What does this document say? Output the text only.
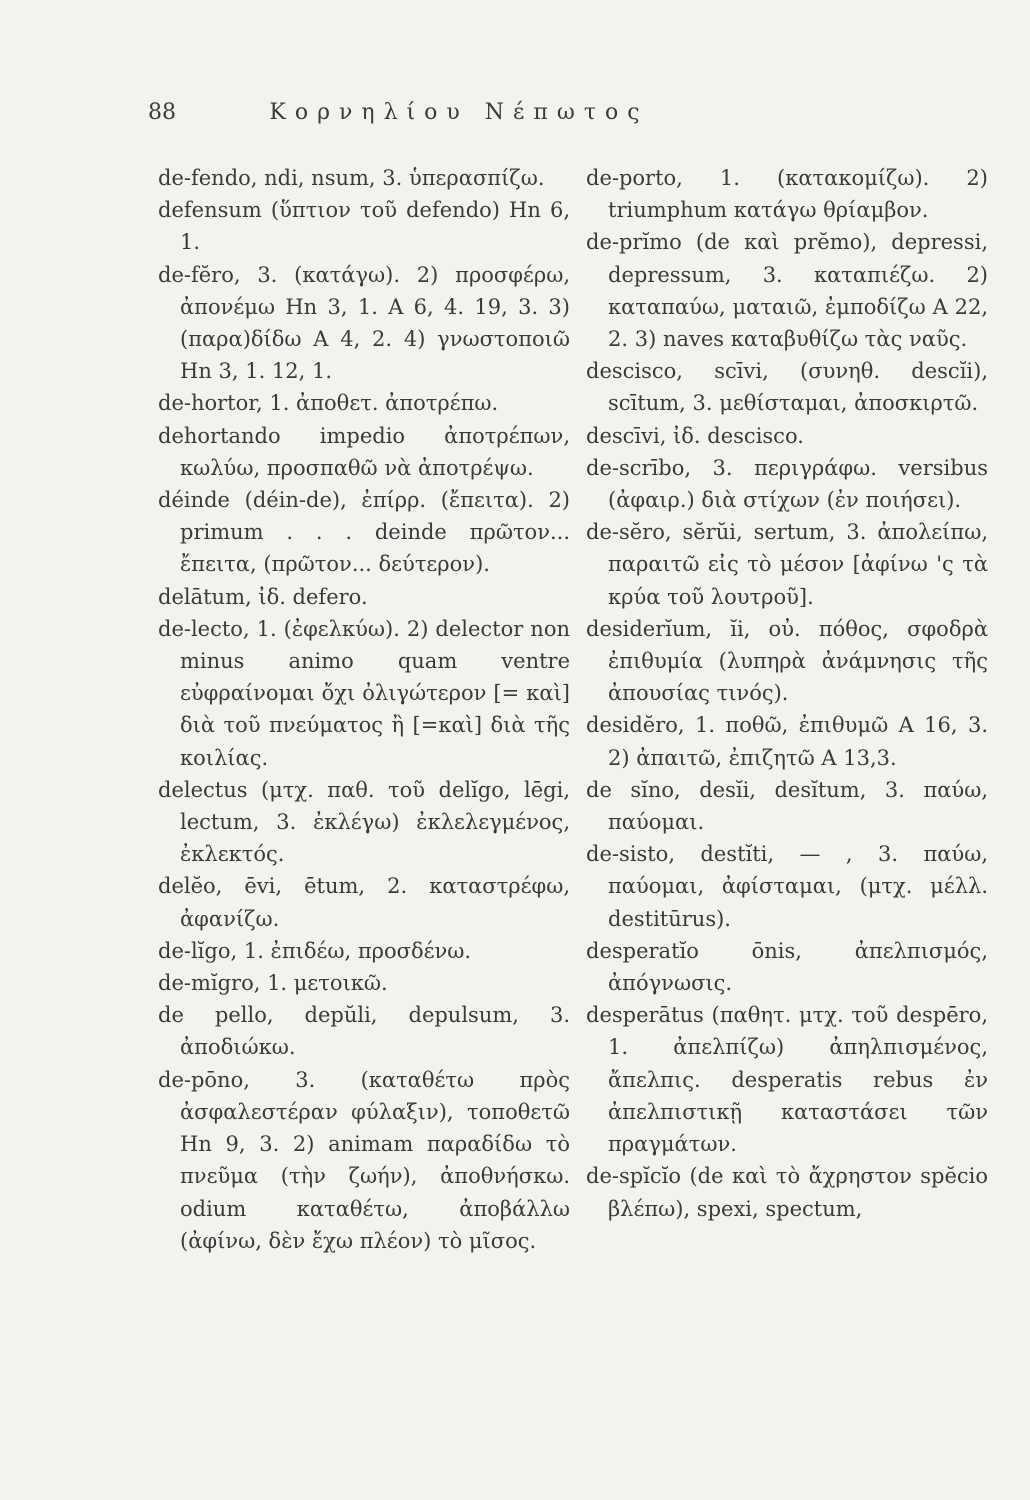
88	Κορνηλίου Νέπωτος

de-fendo, ndi, nsum, 3. ὑπερασπίζω.

defensum (ὕπτιον τοῦ defendo) Hn 6, 1.

de-fĕro, 3. (κατάγω). 2) προσφέρω, ἀπονέμω Hn 3, 1. A 6, 4. 19, 3. 3) (παρα)δίδω A 4, 2. 4) γνωστοποιῶ Hn 3, 1. 12, 1.

de-hortor, 1. ἀποθετ. ἀποτρέπω.

dehortando impedio ἀποτρέπων, κωλύω, προσπαθῶ νὰ ἀποτρέψω.

déinde (déin-de), ἐπίρρ. (ἔπειτα). 2) primum . . . deinde πρῶτον... ἔπειτα, (πρῶτον... δεύτερον).

delātum, ἰδ. defero.

de-lecto, 1. (ἐφελκύω). 2) delector non minus animo quam ventre εὐφραίνομαι ὄχι ὀλιγώτερον [= καὶ] διὰ τοῦ πνεύματος ἢ [=καὶ] διὰ τῆς κοιλίας.

delectus (μτχ. παθ. τοῦ delĭgo, lēgi, lectum, 3. ἐκλέγω) ἐκλελεγμένος, ἐκλεκτός.

delĕo, ēvi, ētum, 2. καταστρέφω, ἀφανίζω.

de-lĭgo, 1. ἐπιδέω, προσδένω.

de-mĭgro, 1. μετοικῶ.

de pello, depŭli, depulsum, 3. ἀποδιώκω.

de-pōno, 3. (καταθέτω πρὸς ἀσφαλεστέραν φύλαξιν), τοποθετῶ Hn 9, 3. 2) animam παραδίδω τὸ πνεῦμα (τὴν ζωήν), ἀποθνήσκω. odium καταθέτω, ἀποβάλλω (ἀφίνω, δὲν ἔχω πλέον) τὸ μῖσος.

de-porto, 1. (κατακομίζω). 2) triumphum κατάγω θρίαμβον.

de-prĭmo (de καὶ prĕmo), depressi, depressum, 3. καταπιέζω. 2) καταπαύω, ματαιῶ, ἐμποδίζω A 22, 2. 3) naves καταβυθίζω τὰς ναῦς.

descisco, scīvi, (συνηθ. descĭi), scītum, 3. μεθίσταμαι, ἀποσκιρτῶ.

descīvi, ἰδ. descisco.

de-scrībo, 3. περιγράφω. versibus (ἀφαιρ.) διὰ στίχων (ἐν ποιήσει).

de-sĕro, sĕrŭi, sertum, 3. ἀπολείπω, παραιτῶ εἰς τὸ μέσον [ἀφίνω 'ς τὰ κρύα τοῦ λουτροῦ].

desiderĭum, ĭi, οὐ. πόθος, σφοδρὰ ἐπιθυμία (λυπηρὰ ἀνάμνησις τῆς ἀπουσίας τινός).

desidĕro, 1. ποθῶ, ἐπιθυμῶ A 16, 3. 2) ἀπαιτῶ, ἐπιζητῶ A 13,3.

de sĭno, desĭi, desĭtum, 3. παύω, παύομαι.

de-sisto, destĭti, — , 3. παύω, παύομαι, ἀφίσταμαι, (μτχ. μέλλ. destitūrus).

desperatĭo ōnis, ἀπελπισμός, ἀπόγνωσις.

desperātus (παθητ. μτχ. τοῦ despēro, 1. ἀπελπίζω) ἀπηλπισμένος, ἄπελπις. desperatis rebus ἐν ἀπελπιστικῇ καταστάσει τῶν πραγμάτων.

de-spĭcĭo (de καὶ τὸ ἄχρηστον spĕcio βλέπω), spexi, spectum,
